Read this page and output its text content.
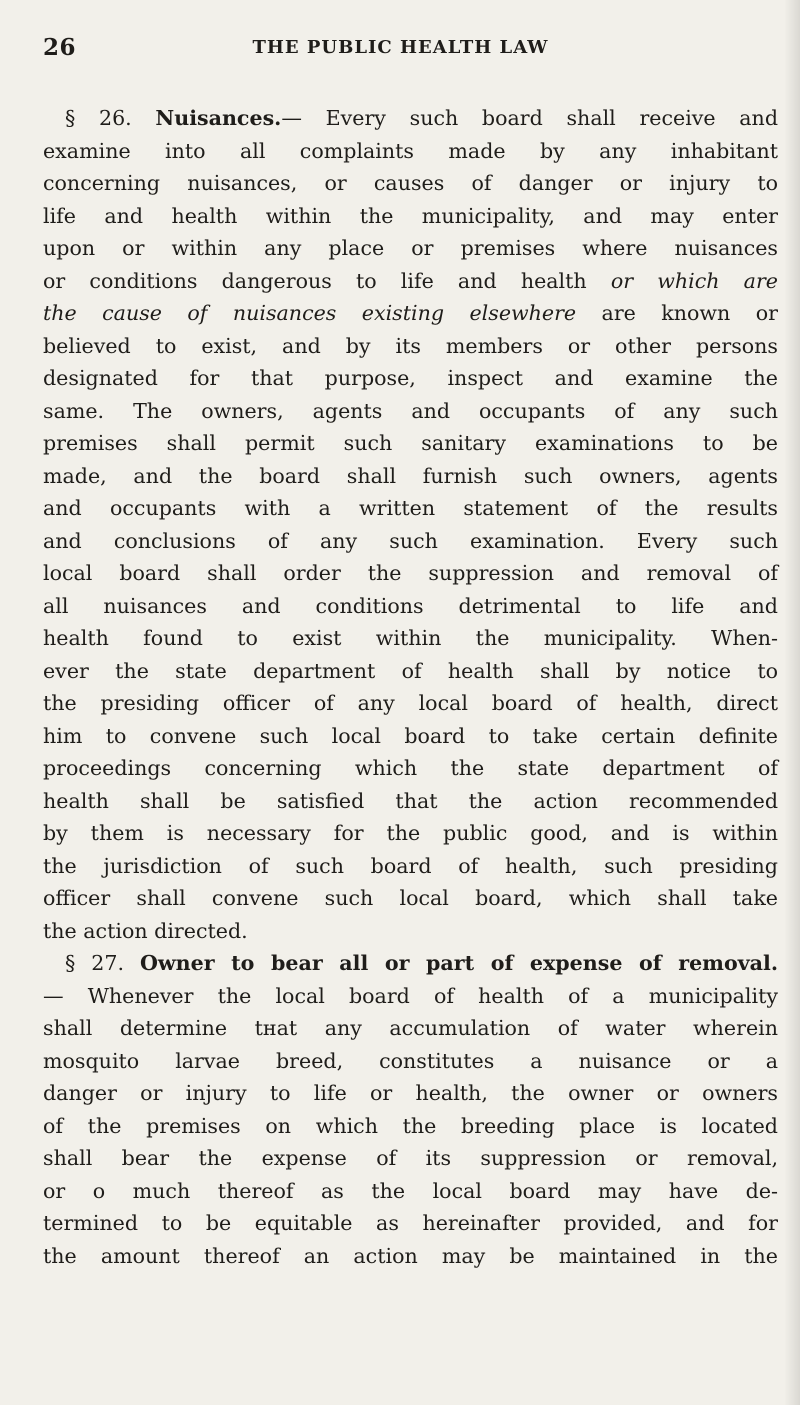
26	THE PUBLIC HEALTH LAW
§ 26. Nuisances.— Every such board shall receive and
examine into all complaints made by any inhabitant
concerning nuisances, or causes of danger or injury to
life and health within the municipality, and may enter
upon or within any place or premises where nuisances
or conditions dangerous to life and health or which are
the cause of nuisances existing elsewhere are known or
believed to exist, and by its members or other persons
designated for that purpose, inspect and examine the
same. The owners, agents and occupants of any such
premises shall permit such sanitary examinations to be
made, and the board shall furnish such owners, agents
and occupants with a written statement of the results
and conclusions of any such examination. Every such
local board shall order the suppression and removal of
all nuisances and conditions detrimental to life and
health found to exist within the municipality. When-
ever the state department of health shall by notice to
the presiding officer of any local board of health, direct
him to convene such local board to take certain definite
proceedings concerning which the state department of
health shall be satisfied that the action recommended
by them is necessary for the public good, and is within
the jurisdiction of such board of health, such presiding
officer shall convene such local board, which shall take
the action directed.
§ 27. Owner to bear all or part of expense of removal.
— Whenever the local board of health of a municipality
shall determine tнat any accumulation of water wherein
mosquito larvae breed, constitutes a nuisance or a
danger or injury to life or health, the owner or owners
of the premises on which the breeding place is located
shall bear the expense of its suppression or removal,
or o much thereof as the local board may have de-
termined to be equitable as hereinafter provided, and for
the amount thereof an action may be maintained in the
